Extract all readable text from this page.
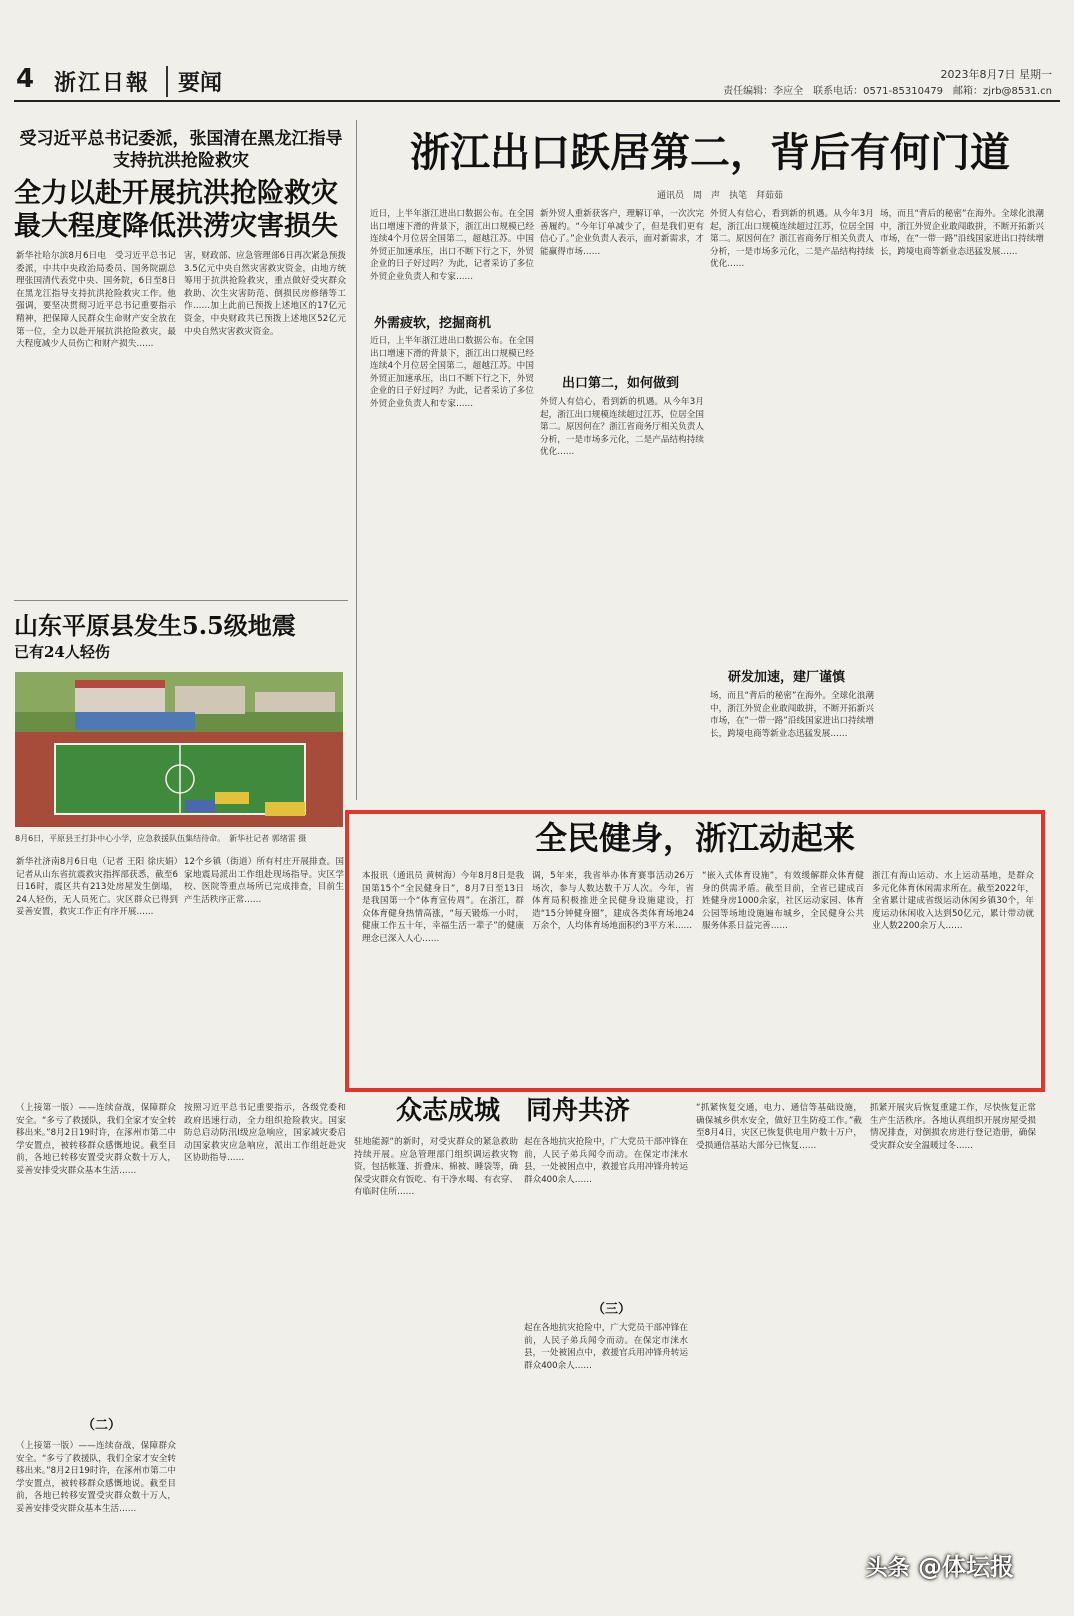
4 浙江日報	要闻	2023年8月7日 星期一
责任编辑：李应全　联系电话：0571-85310479　邮箱：zjrb@8531.cn
受习近平总书记委派，张国清在黑龙江指导支持抗洪抢险救灾
全力以赴开展抗洪抢险救灾
最大程度降低洪涝灾害损失
新华社哈尔滨8月6日电　受习近平总书记委派，中共中央政治局委员、国务院副总理张国清代表党中央、国务院，6日至8日在黑龙江指导支持抗洪抢险救灾工作。他强调，要坚决贯彻习近平总书记重要指示精神，把保障人民群众生命财产安全放在第一位，全力以赴开展抗洪抢险救灾，最大程度减少人员伤亡和财产损失……
害，财政部、应急管理部6日再次紧急预拨3.5亿元中央自然灾害救灾资金，由地方统筹用于抗洪抢险救灾，重点做好受灾群众救助、次生灾害防范、倒损民房修缮等工作……加上此前已预拨上述地区的17亿元资金，中央财政共已预拨上述地区52亿元中央自然灾害救灾资金。
山东平原县发生5.5级地震
已有24人轻伤
8月6日，平原县王打卦中心小学，应急救援队伍集结待命。　新华社记者 郭绪雷 摄
新华社济南8月6日电（记者 王阳 徐庆娟）记者从山东省抗震救灾指挥部获悉，截至6日16时，震区共有213处房屋发生倒塌，24人轻伤，无人员死亡。灾区群众已得到妥善安置，救灾工作正有序开展……
12个乡镇（街道）所有村庄开展排查。国家地震局派出工作组赴现场指导。灾区学校、医院等重点场所已完成排查，目前生产生活秩序正常……
浙江出口跃居第二，背后有何门道
通讯员　周　声　执笔　拜茹茹
近日，上半年浙江进出口数据公布。在全国出口增速下滑的背景下，浙江出口规模已经连续4个月位居全国第二，超越江苏。中国外贸正加速承压，出口不断下行之下，外贸企业的日子好过吗？为此，记者采访了多位外贸企业负责人和专家……
外需疲软，挖掘商机
近日，上半年浙江进出口数据公布。在全国出口增速下滑的背景下，浙江出口规模已经连续4个月位居全国第二，超越江苏。中国外贸正加速承压，出口不断下行之下，外贸企业的日子好过吗？为此，记者采访了多位外贸企业负责人和专家……
新外贸人重新获客户，理解订单，一次次完善履约。“今年订单减少了，但是我们更有信心了。”企业负责人表示，面对新需求，才能赢得市场……
出口第二，如何做到
外贸人有信心，看到新的机遇。从今年3月起，浙江出口规模连续超过江苏，位居全国第二。原因何在？浙江省商务厅相关负责人分析，一是市场多元化，二是产品结构持续优化……
外贸人有信心，看到新的机遇。从今年3月起，浙江出口规模连续超过江苏，位居全国第二。原因何在？浙江省商务厅相关负责人分析，一是市场多元化，二是产品结构持续优化……
研发加速，建厂谨慎
场，而且“背后的秘密”在海外。全球化浪潮中，浙江外贸企业敢闯敢拼，不断开拓新兴市场，在“一带一路”沿线国家进出口持续增长，跨境电商等新业态迅猛发展……
场，而且“背后的秘密”在海外。全球化浪潮中，浙江外贸企业敢闯敢拼，不断开拓新兴市场，在“一带一路”沿线国家进出口持续增长，跨境电商等新业态迅猛发展……
全民健身，浙江动起来
本报讯（通讯员 黄树海）今年8月8日是我国第15个“全民健身日”，8月7日至13日是我国第一个“体育宣传周”。在浙江，群众体育健身热情高涨，“每天锻炼一小时，健康工作五十年，幸福生活一辈子”的健康理念已深入人心……
调，5年来，我省举办体育赛事活动26万场次，参与人数达数千万人次。今年，省体育局积极推进全民健身设施建设，打造“15分钟健身圈”，建成各类体育场地24万余个，人均体育场地面积约3平方米……
“嵌入式体育设施”，有效缓解群众体育健身的供需矛盾。截至目前，全省已建成百姓健身房1000余家，社区运动家园、体育公园等场地设施遍布城乡，全民健身公共服务体系日益完善……
浙江有海山运动、水上运动基地，是群众多元化体育休闲需求所在。截至2022年，全省累计建成省级运动休闲乡镇30个，年度运动休闲收入达到50亿元，累计带动就业人数2200余万人……
众志成城　同舟共济
（上接第一版）——连续奋战，保障群众安全。“多亏了救援队，我们全家才安全转移出来。”8月2日19时许，在涿州市第二中学安置点，被转移群众感慨地说。截至目前，各地已转移安置受灾群众数十万人，妥善安排受灾群众基本生活……
（二）
（上接第一版）——连续奋战，保障群众安全。“多亏了救援队，我们全家才安全转移出来。”8月2日19时许，在涿州市第二中学安置点，被转移群众感慨地说。截至目前，各地已转移安置受灾群众数十万人，妥善安排受灾群众基本生活……
按照习近平总书记重要指示，各级党委和政府迅速行动，全力组织抢险救灾。国家防总启动防汛Ⅰ级应急响应，国家减灾委启动国家救灾应急响应，派出工作组赶赴灾区协助指导……
驻地能源“的新时，对受灾群众的紧急救助持续开展。应急管理部门组织调运救灾物资，包括帐篷、折叠床、棉被、睡袋等，确保受灾群众有饭吃、有干净水喝、有衣穿、有临时住所……
起在各地抗灾抢险中，广大党员干部冲锋在前，人民子弟兵闻令而动。在保定市涞水县，一处被困点中，救援官兵用冲锋舟转运群众400余人……
（三）
起在各地抗灾抢险中，广大党员干部冲锋在前，人民子弟兵闻令而动。在保定市涞水县，一处被困点中，救援官兵用冲锋舟转运群众400余人……
“抓紧恢复交通，电力、通信等基础设施，确保城乡供水安全，做好卫生防疫工作。”截至8月4日，灾区已恢复供电用户数十万户，受损通信基站大部分已恢复……
抓紧开展灾后恢复重建工作，尽快恢复正常生产生活秩序。各地认真组织开展房屋受损情况排查，对倒损农房进行登记造册，确保受灾群众安全温暖过冬……
头条 @体坛报
